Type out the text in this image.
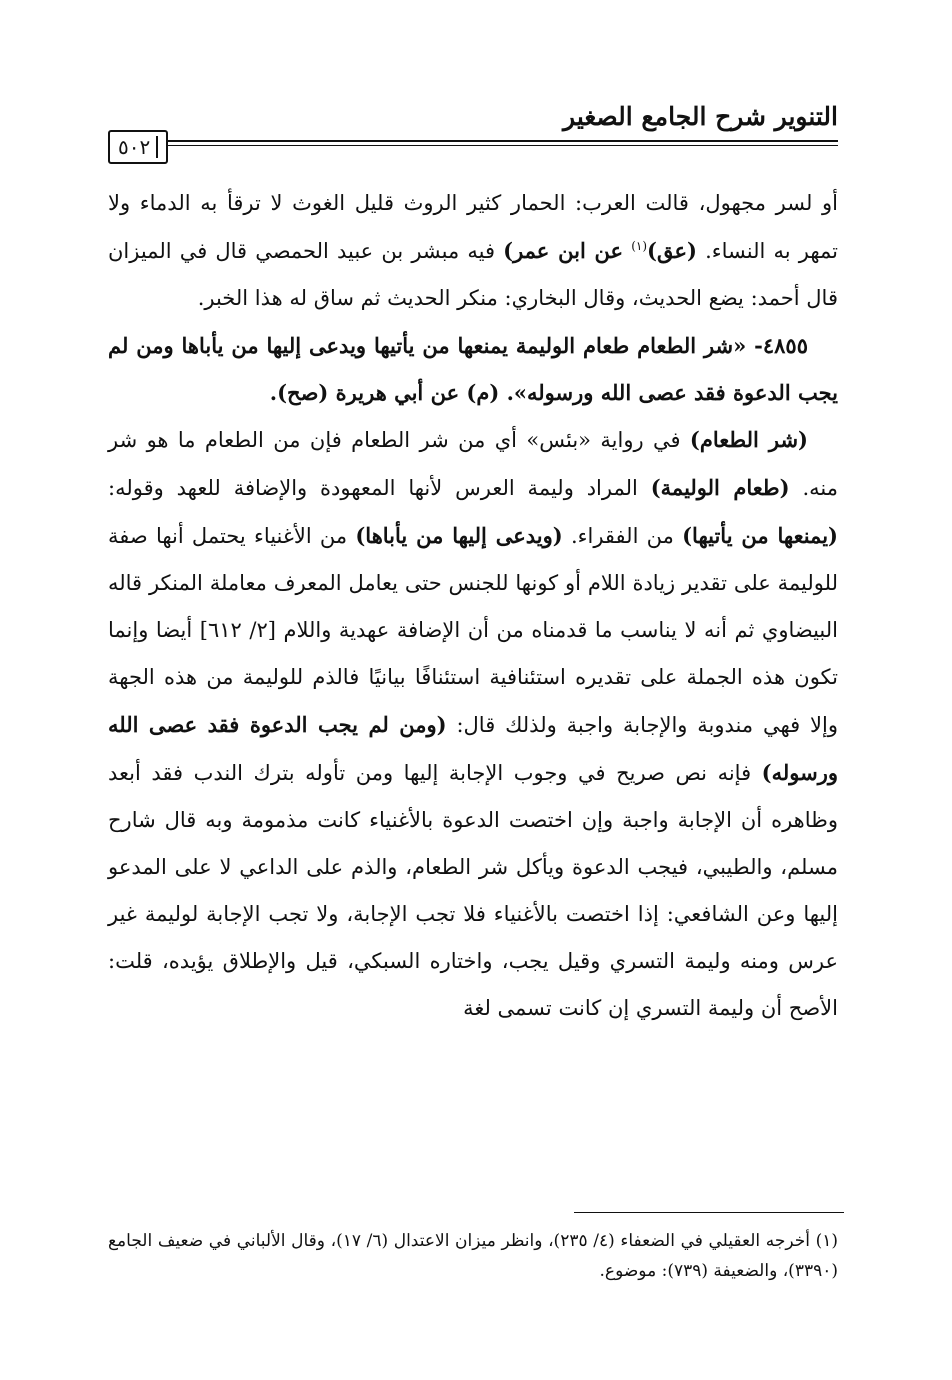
التنوير شرح الجامع الصغير
٥٠٢

أو لسر مجهول، قالت العرب: الحمار كثير الروث قليل الغوث لا ترقأ به الدماء ولا تمهر به النساء. (عق)$^{(١)}$ عن ابن عمر) فيه مبشر بن عبيد الحمصي قال في الميزان قال أحمد: يضع الحديث، وقال البخاري: منكر الحديث ثم ساق له هذا الخبر.

٤٨٥٥- «شر الطعام طعام الوليمة يمنعها من يأتيها ويدعى إليها من يأباها ومن لم يجب الدعوة فقد عصى الله ورسوله». (م) عن أبي هريرة (صح).

(شر الطعام) في رواية «بئس» أي من شر الطعام فإن من الطعام ما هو شر منه. (طعام الوليمة) المراد وليمة العرس لأنها المعهودة والإضافة للعهد وقوله: (يمنعها من يأتيها) من الفقراء. (ويدعى إليها من يأباها) من الأغنياء يحتمل أنها صفة للوليمة على تقدير زيادة اللام أو كونها للجنس حتى يعامل المعرف معاملة المنكر قاله البيضاوي ثم أنه لا يناسب ما قدمناه من أن الإضافة عهدية واللام [٢/ ٦١٢] أيضا وإنما تكون هذه الجملة على تقديره استئنافية استئنافًا بيانيًا فالذم للوليمة من هذه الجهة وإلا فهي مندوبة والإجابة واجبة ولذلك قال: (ومن لم يجب الدعوة فقد عصى الله ورسوله) فإنه نص صريح في وجوب الإجابة إليها ومن تأوله بترك الندب فقد أبعد وظاهره أن الإجابة واجبة وإن اختصت الدعوة بالأغنياء كانت مذمومة وبه قال شارح مسلم، والطيبي، فيجب الدعوة ويأكل شر الطعام، والذم على الداعي لا على المدعو إليها وعن الشافعي: إذا اختصت بالأغنياء فلا تجب الإجابة، ولا تجب الإجابة لوليمة غير عرس ومنه وليمة التسري وقيل يجب، واختاره السبكي، قيل والإطلاق يؤيده، قلت: الأصح أن وليمة التسري إن كانت تسمى لغة

(١) أخرجه العقيلي في الضعفاء (٤/ ٢٣٥)، وانظر ميزان الاعتدال (٦/ ١٧)، وقال الألباني في ضعيف الجامع (٣٣٩٠)، والضعيفة (٧٣٩): موضوع.
